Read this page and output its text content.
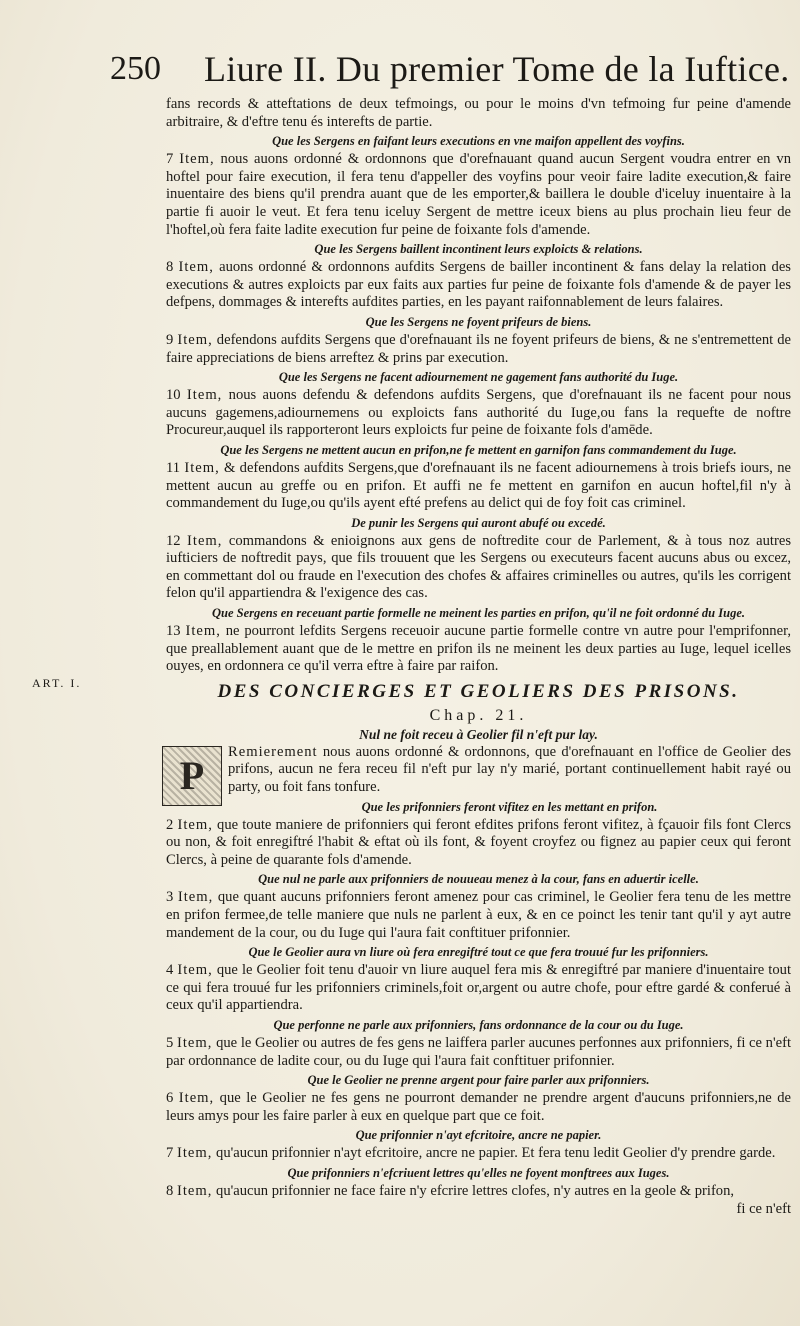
250 Liure II. Du premier Tome de la Iuftice.
ART. I.

fans records & atteftations de deux tefmoings, ou pour le moins d'vn tefmoing fur peine d'amende arbitraire, & d'eftre tenu és interefts de partie.

Que les Sergens en faifant leurs executions en vne maifon appellent des voyfins.

7 Item, nous auons ordonné & ordonnons que d'orefnauant quand aucun Sergent voudra entrer en vn hoftel pour faire execution, il fera tenu d'appeller des voyfins pour veoir faire ladite execution,& faire inuentaire des biens qu'il prendra auant que de les emporter,& baillera le double d'iceluy inuentaire à la partie fi auoir le veut. Et fera tenu iceluy Sergent de mettre iceux biens au plus prochain lieu feur de l'hoftel,où fera faite ladite execution fur peine de foixante fols d'amende.

Que les Sergens baillent incontinent leurs exploicts & relations.

8 Item, auons ordonné & ordonnons aufdits Sergens de bailler incontinent & fans delay la relation des executions & autres exploicts par eux faits aux parties fur peine de foixante fols d'amende & de payer les defpens, dommages & interefts aufdites parties, en les payant raifonnablement de leurs falaires.

Que les Sergens ne foyent prifeurs de biens.

9 Item, defendons aufdits Sergens que d'orefnauant ils ne foyent prifeurs de biens, & ne s'entremettent de faire appreciations de biens arreftez & prins par execution.

Que les Sergens ne facent adiournement ne gagement fans authorité du Iuge.

10 Item, nous auons defendu & defendons aufdits Sergens, que d'orefnauant ils ne facent pour nous aucuns gagemens,adiournemens ou exploicts fans authorité du Iuge,ou fans la requefte de noftre Procureur,auquel ils rapporteront leurs exploicts fur peine de foixante fols d'amēde.

Que les Sergens ne mettent aucun en prifon,ne fe mettent en garnifon fans commandement du Iuge.

11 Item, & defendons aufdits Sergens,que d'orefnauant ils ne facent adiournemens à trois briefs iours, ne mettent aucun au greffe ou en prifon. Et auffi ne fe mettent en garnifon en aucun hoftel,fil n'y à commandement du Iuge,ou qu'ils ayent efté prefens au delict qui de foy foit cas criminel.

De punir les Sergens qui auront abufé ou excedé.

12 Item, commandons & enioignons aux gens de noftredite cour de Parlement, & à tous noz autres iufticiers de noftredit pays, que fils trouuent que les Sergens ou executeurs facent aucuns abus ou excez, en commettant dol ou fraude en l'execution des chofes & affaires criminelles ou autres, qu'ils les corrigent felon qu'il appartiendra & l'exigence des cas.

Que Sergens en receuant partie formelle ne meinent les parties en prifon, qu'il ne foit ordonné du Iuge.

13 Item, ne pourront lefdits Sergens receuoir aucune partie formelle contre vn autre pour l'emprifonner, que preallablement auant que de le mettre en prifon ils ne meinent les deux parties au Iuge, lequel icelles ouyes, en ordonnera ce qu'il verra eftre à faire par raifon.

DES CONCIERGES ET GEOLIERS DES PRISONS.

Chap. 21.

Nul ne foit receu à Geolier fil n'eft pur lay.

P
Remierement nous auons ordonné & ordonnons, que d'orefnauant en l'office de Geolier des prifons, aucun ne fera receu fil n'eft pur lay n'y marié, portant continuellement habit rayé ou party, ou foit fans tonfure.

Que les prifonniers feront vifitez en les mettant en prifon.

2 Item, que toute maniere de prifonniers qui feront efdites prifons feront vifitez, à fçauoir fils font Clercs ou non, & foit enregiftré l'habit & eftat où ils font, & foyent croyfez ou fignez au papier ceux qui feront Clercs, à peine de quarante fols d'amende.

Que nul ne parle aux prifonniers de nouueau menez à la cour, fans en aduertir icelle.

3 Item, que quant aucuns prifonniers feront amenez pour cas criminel, le Geolier fera tenu de les mettre en prifon fermee,de telle maniere que nuls ne parlent à eux, & en ce poinct les tenir tant qu'il y ayt autre mandement de la cour, ou du Iuge qui l'aura fait conftituer prifonnier.

Que le Geolier aura vn liure où fera enregiftré tout ce que fera trouué fur les prifonniers.

4 Item, que le Geolier foit tenu d'auoir vn liure auquel fera mis & enregiftré par maniere d'inuentaire tout ce qui fera trouué fur les prifonniers criminels,foit or,argent ou autre chofe, pour eftre gardé & conferué à ceux qu'il appartiendra.

Que perfonne ne parle aux prifonniers, fans ordonnance de la cour ou du Iuge.

5 Item, que le Geolier ou autres de fes gens ne laiffera parler aucunes perfonnes aux prifonniers, fi ce n'eft par ordonnance de ladite cour, ou du Iuge qui l'aura fait conftituer prifonnier.

Que le Geolier ne prenne argent pour faire parler aux prifonniers.

6 Item, que le Geolier ne fes gens ne pourront demander ne prendre argent d'aucuns prifonniers,ne de leurs amys pour les faire parler à eux en quelque part que ce foit.

Que prifonnier n'ayt efcritoire, ancre ne papier.

7 Item, qu'aucun prifonnier n'ayt efcritoire, ancre ne papier. Et fera tenu ledit Geolier d'y prendre garde.

Que prifonniers n'efcriuent lettres qu'elles ne foyent monftrees aux Iuges.

8 Item, qu'aucun prifonnier ne face faire n'y efcrire lettres clofes, n'y autres en la geole & prifon,

fi ce n'eft
